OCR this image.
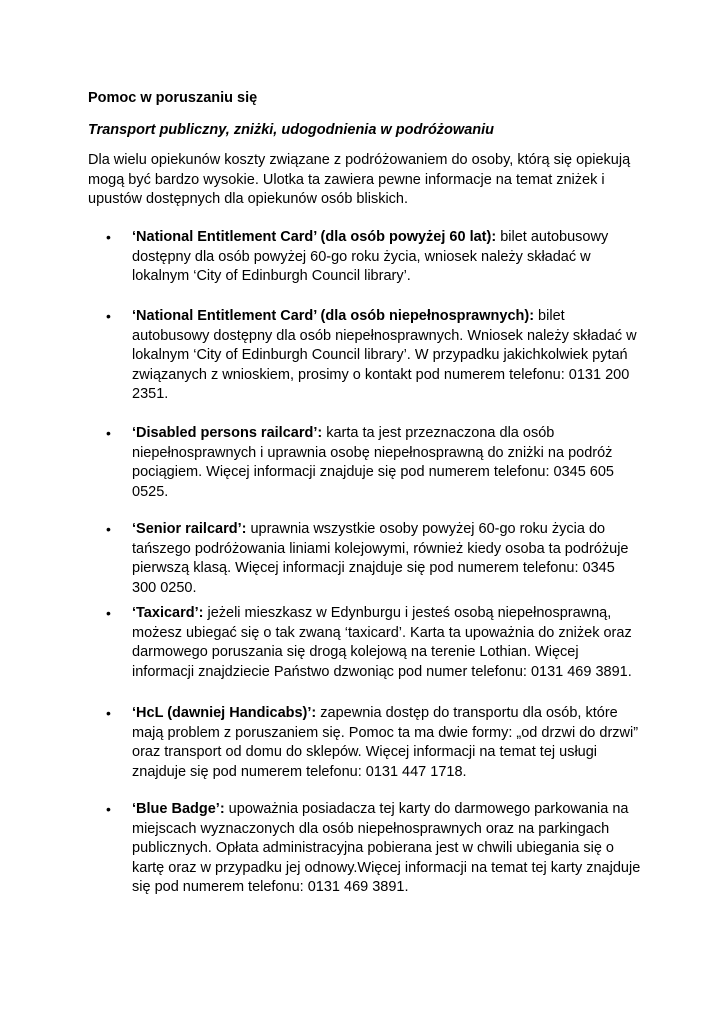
Pomoc w poruszaniu się

Transport publiczny, zniżki, udogodnienia w podróżowaniu

Dla wielu opiekunów koszty związane z podróżowaniem do osoby, którą się opiekują mogą być bardzo wysokie. Ulotka ta zawiera pewne informacje na temat zniżek i upustów dostępnych dla opiekunów osób bliskich.

• ‘National Entitlement Card’ (dla osób powyżej 60 lat): bilet autobusowy dostępny dla osób powyżej 60-go roku życia, wniosek należy składać w lokalnym ‘City of Edinburgh Council library’.
• ‘National Entitlement Card’ (dla osób niepełnosprawnych): bilet autobusowy dostępny dla osób niepełnosprawnych. Wniosek należy składać w lokalnym ‘City of Edinburgh Council library’. W przypadku jakichkolwiek pytań związanych z wnioskiem, prosimy o kontakt pod numerem telefonu: 0131 200 2351.
• ‘Disabled persons railcard’: karta ta jest przeznaczona dla osób niepełnosprawnych i uprawnia osobę niepełnosprawną do zniżki na podróż pociągiem. Więcej informacji znajduje się pod numerem telefonu: 0345 605 0525.
• ‘Senior railcard’: uprawnia wszystkie osoby powyżej 60-go roku życia do tańszego podróżowania liniami kolejowymi, również kiedy osoba ta podróżuje pierwszą klasą. Więcej informacji znajduje się pod numerem telefonu: 0345 300 0250.
• ‘Taxicard’: jeżeli mieszkasz w Edynburgu i jesteś osobą niepełnosprawną, możesz ubiegać się o tak zwaną ‘taxicard’. Karta ta upoważnia do zniżek oraz darmowego poruszania się drogą kolejową na terenie Lothian. Więcej informacji znajdziecie Państwo dzwoniąc pod numer telefonu: 0131 469 3891.
• ‘HcL (dawniej Handicabs)’: zapewnia dostęp do transportu dla osób, które mają problem z poruszaniem się. Pomoc ta ma dwie formy: „od drzwi do drzwi” oraz transport od domu do sklepów. Więcej informacji na temat tej usługi znajduje się pod numerem telefonu: 0131 447 1718.
• ‘Blue Badge’: upoważnia posiadacza tej karty do darmowego parkowania na miejscach wyznaczonych dla osób niepełnosprawnych oraz na parkingach publicznych. Opłata administracyjna pobierana jest w chwili ubiegania się o kartę oraz w przypadku jej odnowy.Więcej informacji na temat tej karty znajduje się pod numerem telefonu: 0131 469 3891.
